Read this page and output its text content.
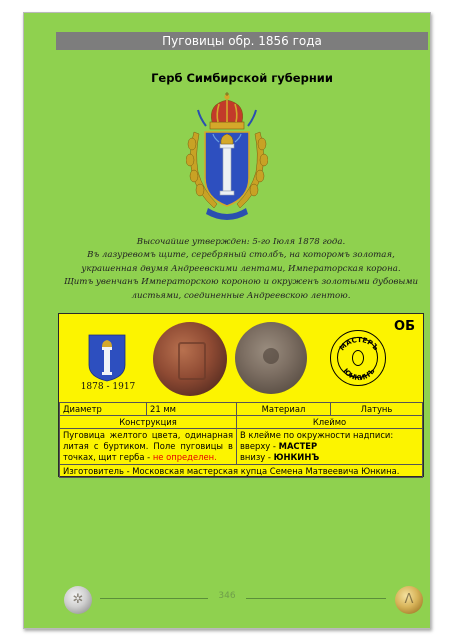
Пуговицы обр. 1856 года
Герб Симбирской губернии
Высочайше утвержден: 5-го Іюля 1878 года.
Въ лазуревомъ щите, серебряный столбъ, на которомъ золотая,
украшенная двумя Андреевскими лентами, Императорская корона.
Щитъ увенчанъ Императорскою короною и окруженъ золотыми дубовыми
листьями, соединенные Андреевскою лентою.
ОБ
1878 - 1917
МАСТЕРЪ
ЮНКИНЪ
Диаметр	21 мм	Материал	Латунь
Конструкция		Клеймо	
Пуговица желтого цвета, одинарная литая с буртиком. Поле пуговицы в точках, щит герба - не определен.		В клейме по окружности надписи:
вверху - МАСТЕР
внизу - ЮНКИНЪ	

Изготовитель - Московская мастерская купца Семена Матвеевича Юнкина.			
346
✲	Λ
